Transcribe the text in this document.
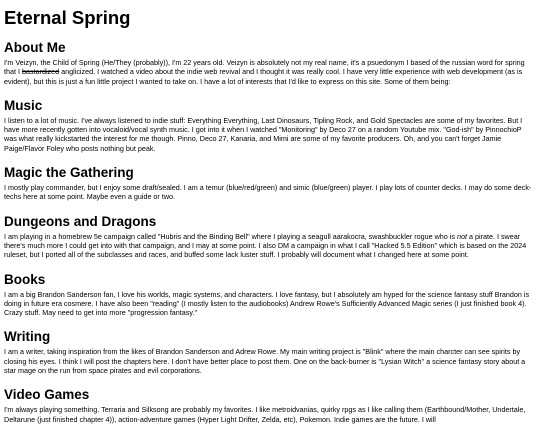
Eternal Spring
About Me

I'm Veizyn, the Child of Spring (He/They (probably)), I'm 22 years old. Veizyn is absolutely not my real name, it's a psuedonym I based of the russian word for spring that I bastardized anglicized. I watched a video about the indie web revival and I thought it was really cool. I have very little experience with web development (as is evident), but this is just a fun little project I wanted to take on. I have a lot of interests that I'd like to express on this site. Some of them being:

Music

I listen to a lot of music. I've always listened to indie stuff: Everything Everything, Last Dinosaurs, Tipling Rock, and Gold Spectacles are some of my favorites. But I have more recently gotten into vocaloid/vocal synth music. I got into it when I watched "Monitoring" by Deco 27 on a random Youtube mix. "God-ish" by PinnochioP was what really kickstarted the interest for me though. Pinno, Deco 27, Kanaria, and Mimi are some of my favorite producers. Oh, and you can't forget Jamie Paige/Flavor Foley who posts nothing but peak.

Magic the Gathering

I mostly play commander, but I enjoy some draft/sealed. I am a temur (blue/red/green) and simic (blue/green) player. I play lots of counter decks. I may do some deck-techs here at some point. Maybe even a guide or two.

Dungeons and Dragons

I am playing in a homebrew 5e campaign called "Hubris and the Binding Bell" where I playing a seagull aarakocra, swashbuckler rogue who is not a pirate. I swear there's much more I could get into with that campaign, and I may at some point. I also DM a campaign in what I call "Hacked 5.5 Edition" which is based on the 2024 ruleset, but I ported all of the subclasses and races, and buffed some lack luster stuff. I probably will document what I changed here at some point.

Books

I am a big Brandon Sanderson fan, I love his worlds, magic systems, and characters. I love fantasy, but I absolutely am hyped for the science fantasy stuff Brandon is doing in future era cosmere. I have also been "reading" (I mostly listen to the audiobooks) Andrew Rowe's Sufficiently Advanced Magic series (I just finished book 4). Crazy stuff. May need to get into more "progression fantasy."

Writing

I am a writer, taking inspiration from the likes of Brandon Sanderson and Adrew Rowe. My main writing project is "Blink" where the main charcter can see spirits by closing his eyes. I think I will post the chapters here. I don't have better place to post them. One on the back-burner is "Lysian Witch" a science fantasy story about a star mage on the run from space pirates and evil corporations.

Video Games

I'm always playing something. Terraria and Silksong are probably my favorites. I like metroidvanias, quirky rpgs as I like calling them (Earthbound/Mother, Undertale, Deltarune (just finished chapter 4)), action-adventure games (Hyper Light Drifter, Zelda, etc), Pokemon. Indie games are the future. I will
